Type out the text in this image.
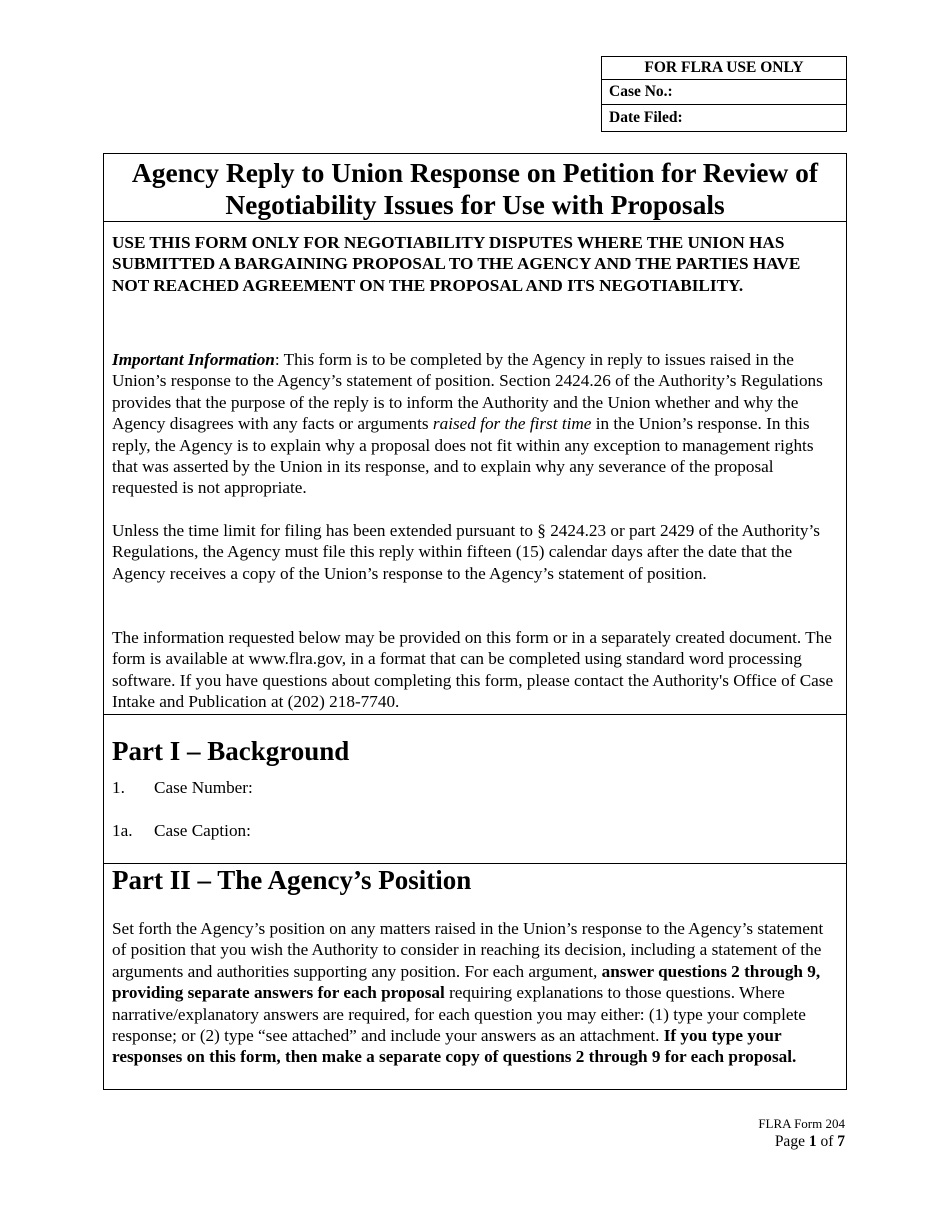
FOR FLRA USE ONLY
Case No.:
Date Filed:
Agency Reply to Union Response on Petition for Review of
Negotiability Issues for Use with Proposals
USE THIS FORM ONLY FOR NEGOTIABILITY DISPUTES WHERE THE UNION HAS SUBMITTED A BARGAINING PROPOSAL TO THE AGENCY AND THE PARTIES HAVE NOT REACHED AGREEMENT ON THE PROPOSAL AND ITS NEGOTIABILITY.
Important Information: This form is to be completed by the Agency in reply to issues raised in the Union’s response to the Agency’s statement of position. Section 2424.26 of the Authority’s Regulations provides that the purpose of the reply is to inform the Authority and the Union whether and why the Agency disagrees with any facts or arguments raised for the first time in the Union’s response. In this reply, the Agency is to explain why a proposal does not fit within any exception to management rights that was asserted by the Union in its response, and to explain why any severance of the proposal requested is not appropriate.
Unless the time limit for filing has been extended pursuant to § 2424.23 or part 2429 of the Authority’s Regulations, the Agency must file this reply within fifteen (15) calendar days after the date that the Agency receives a copy of the Union’s response to the Agency’s statement of position.
The information requested below may be provided on this form or in a separately created document. The form is available at www.flra.gov, in a format that can be completed using standard word processing software. If you have questions about completing this form, please contact the Authority's Office of Case Intake and Publication at (202) 218-7740.
Part I – Background
1. Case Number:
1a. Case Caption:
Part II – The Agency’s Position
Set forth the Agency’s position on any matters raised in the Union’s response to the Agency’s statement of position that you wish the Authority to consider in reaching its decision, including a statement of the arguments and authorities supporting any position. For each argument, answer questions 2 through 9, providing separate answers for each proposal requiring explanations to those questions. Where narrative/explanatory answers are required, for each question you may either: (1) type your complete response; or (2) type “see attached” and include your answers as an attachment. If you type your responses on this form, then make a separate copy of questions 2 through 9 for each proposal.
FLRA Form 204
Page 1 of 7
